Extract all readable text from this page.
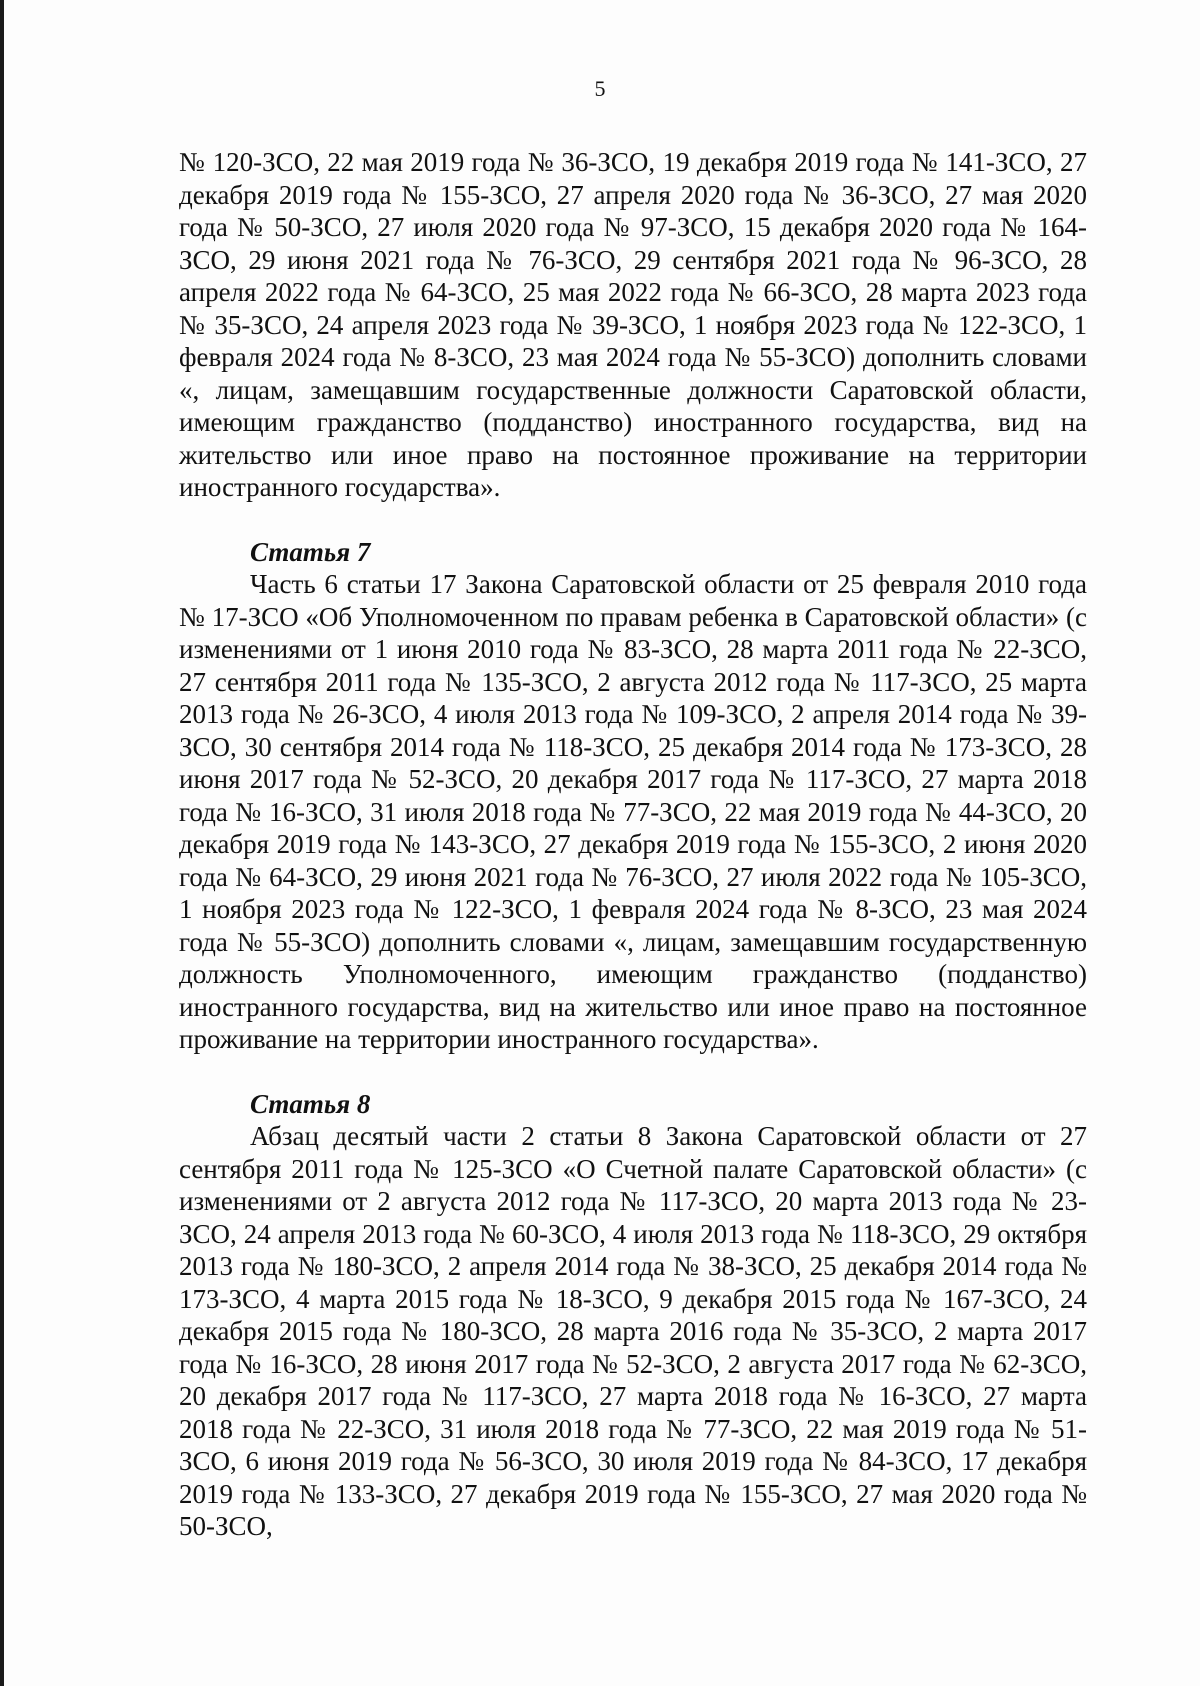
5

№ 120-ЗСО, 22 мая 2019 года № 36-ЗСО, 19 декабря 2019 года № 141-ЗСО, 27 декабря 2019 года № 155-ЗСО, 27 апреля 2020 года № 36-ЗСО, 27 мая 2020 года № 50-ЗСО, 27 июля 2020 года № 97-ЗСО, 15 декабря 2020 года № 164-ЗСО, 29 июня 2021 года № 76-ЗСО, 29 сентября 2021 года № 96-ЗСО, 28 апреля 2022 года № 64-ЗСО, 25 мая 2022 года № 66-ЗСО, 28 марта 2023 года № 35-ЗСО, 24 апреля 2023 года № 39-ЗСО, 1 ноября 2023 года № 122-ЗСО, 1 февраля 2024 года № 8-ЗСО, 23 мая 2024 года № 55-ЗСО) дополнить словами «, лицам, замещавшим государственные должности Саратовской области, имеющим гражданство (подданство) иностранного государства, вид на жительство или иное право на постоянное проживание на территории иностранного государства».

Статья 7

Часть 6 статьи 17 Закона Саратовской области от 25 февраля 2010 года № 17-ЗСО «Об Уполномоченном по правам ребенка в Саратовской области» (с изменениями от 1 июня 2010 года № 83-ЗСО, 28 марта 2011 года № 22-ЗСО, 27 сентября 2011 года № 135-ЗСО, 2 августа 2012 года № 117-ЗСО, 25 марта 2013 года № 26-ЗСО, 4 июля 2013 года № 109-ЗСО, 2 апреля 2014 года № 39-ЗСО, 30 сентября 2014 года № 118-ЗСО, 25 декабря 2014 года № 173-ЗСО, 28 июня 2017 года № 52-ЗСО, 20 декабря 2017 года № 117-ЗСО, 27 марта 2018 года № 16-ЗСО, 31 июля 2018 года № 77-ЗСО, 22 мая 2019 года № 44-ЗСО, 20 декабря 2019 года № 143-ЗСО, 27 декабря 2019 года № 155-ЗСО, 2 июня 2020 года № 64-ЗСО, 29 июня 2021 года № 76-ЗСО, 27 июля 2022 года № 105-ЗСО, 1 ноября 2023 года № 122-ЗСО, 1 февраля 2024 года № 8-ЗСО, 23 мая 2024 года № 55-ЗСО) дополнить словами «, лицам, замещавшим государственную должность Уполномоченного, имеющим гражданство (подданство) иностранного государства, вид на жительство или иное право на постоянное проживание на территории иностранного государства».

Статья 8

Абзац десятый части 2 статьи 8 Закона Саратовской области от 27 сентября 2011 года № 125-ЗСО «О Счетной палате Саратовской области» (с изменениями от 2 августа 2012 года № 117-ЗСО, 20 марта 2013 года № 23-ЗСО, 24 апреля 2013 года № 60-ЗСО, 4 июля 2013 года № 118-ЗСО, 29 октября 2013 года № 180-ЗСО, 2 апреля 2014 года № 38-ЗСО, 25 декабря 2014 года № 173-ЗСО, 4 марта 2015 года № 18-ЗСО, 9 декабря 2015 года № 167-ЗСО, 24 декабря 2015 года № 180-ЗСО, 28 марта 2016 года № 35-ЗСО, 2 марта 2017 года № 16-ЗСО, 28 июня 2017 года № 52-ЗСО, 2 августа 2017 года № 62-ЗСО, 20 декабря 2017 года № 117-ЗСО, 27 марта 2018 года № 16-ЗСО, 27 марта 2018 года № 22-ЗСО, 31 июля 2018 года № 77-ЗСО, 22 мая 2019 года № 51-ЗСО, 6 июня 2019 года № 56-ЗСО, 30 июля 2019 года № 84-ЗСО, 17 декабря 2019 года № 133-ЗСО, 27 декабря 2019 года № 155-ЗСО, 27 мая 2020 года № 50-ЗСО,
